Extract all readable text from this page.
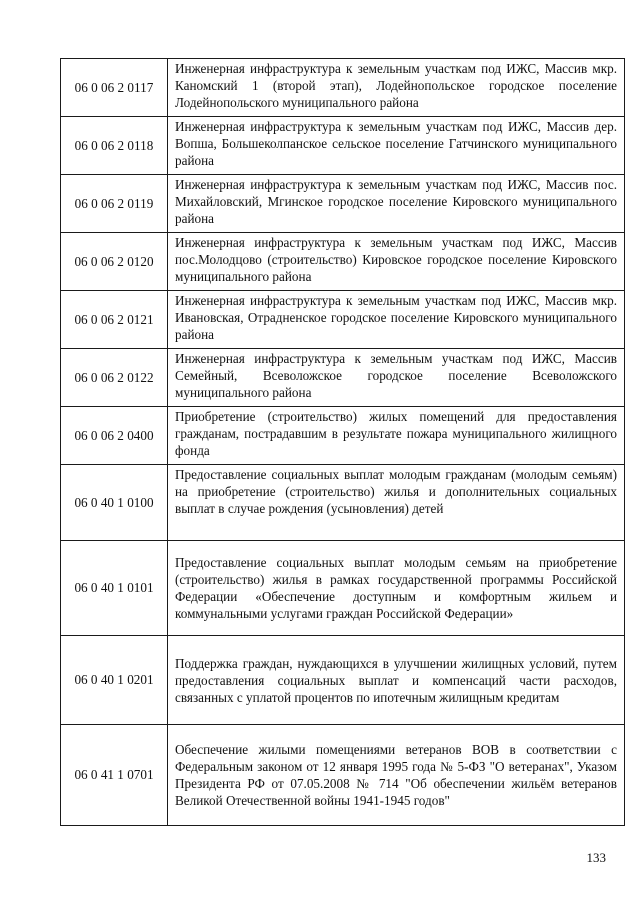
06 0 06 2 0117	Инженерная инфраструктура к земельным участкам под ИЖС, Массив мкр. Каномский 1 (второй этап), Лодейнопольское городское поселение Лодейнопольского муниципального района
06 0 06 2 0118	Инженерная инфраструктура к земельным участкам под ИЖС, Массив дер. Вопша, Большеколпанское сельское поселение Гатчинского муниципального района
06 0 06 2 0119	Инженерная инфраструктура к земельным участкам под ИЖС, Массив пос. Михайловский, Мгинское городское поселение Кировского муниципального района
06 0 06 2 0120	Инженерная инфраструктура к земельным участкам под ИЖС, Массив пос.Молодцово (строительство) Кировское городское поселение Кировского муниципального района
06 0 06 2 0121	Инженерная инфраструктура к земельным участкам под ИЖС, Массив мкр. Ивановская, Отрадненское городское поселение Кировского муниципального района
06 0 06 2 0122	Инженерная инфраструктура к земельным участкам под ИЖС, Массив Семейный, Всеволожское городское поселение Всеволожского муниципального района
06 0 06 2 0400	Приобретение (строительство) жилых помещений для предоставления гражданам, пострадавшим в результате пожара муниципального жилищного фонда
06 0 40 1 0100	Предоставление социальных выплат молодым гражданам (молодым семьям) на приобретение (строительство) жилья и дополнительных социальных выплат в случае рождения (усыновления) детей
06 0 40 1 0101	Предоставление социальных выплат молодым семьям на приобретение (строительство) жилья в рамках государственной программы Российской Федерации «Обеспечение доступным и комфортным жильем и коммунальными услугами граждан Российской Федерации»
06 0 40 1 0201	Поддержка граждан, нуждающихся в улучшении жилищных условий, путем предоставления социальных выплат и компенсаций части расходов, связанных с уплатой процентов по ипотечным жилищным кредитам
06 0 41 1 0701	Обеспечение жилыми помещениями ветеранов ВОВ в соответствии с Федеральным законом от 12 января 1995 года № 5-ФЗ "О ветеранах", Указом Президента РФ от 07.05.2008 № 714 "Об обеспечении жильём ветеранов Великой Отечественной войны 1941-1945 годов"
133
